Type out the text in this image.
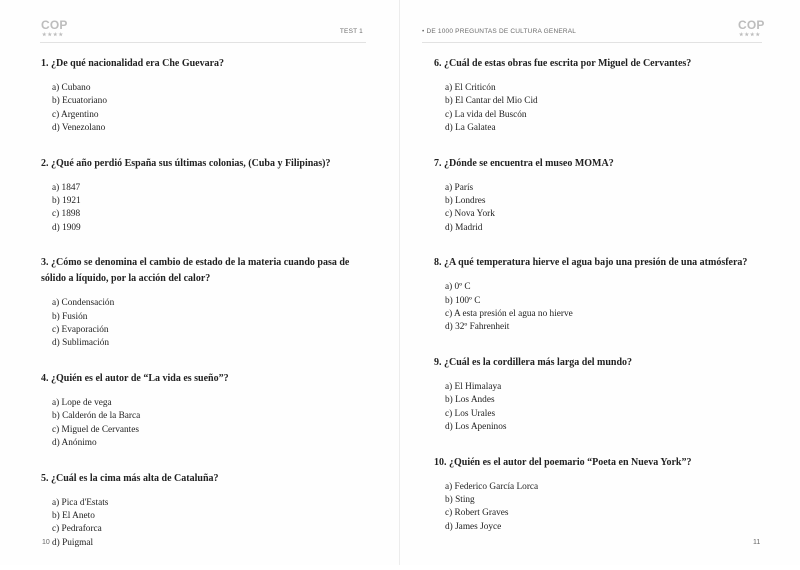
COP
★★★★	TEST 1
1. ¿De qué nacionalidad era Che Guevara?
a) Cubano
b) Ecuatoriano
c) Argentino
d) Venezolano
2. ¿Qué año perdió España sus últimas colonias, (Cuba y Filipinas)?
a) 1847
b) 1921
c) 1898
d) 1909
3. ¿Cómo se denomina el cambio de estado de la materia cuando pasa de sólido a líquido, por la acción del calor?
a) Condensación
b) Fusión
c) Evaporación
d) Sublimación
4. ¿Quién es el autor de “La vida es sueño”?
a) Lope de vega
b) Calderón de la Barca
c) Miguel de Cervantes
d) Anónimo
5. ¿Cuál es la cima más alta de Cataluña?
a) Pica d'Estats
b) El Aneto
c) Pedraforca
d) Puigmal
10
• DE 1000 PREGUNTAS DE CULTURA GENERAL	COP
★★★★
6. ¿Cuál de estas obras fue escrita por Miguel de Cervantes?
a) El Criticón
b) El Cantar del Mio Cid
c) La vida del Buscón
d) La Galatea
7. ¿Dónde se encuentra el museo MOMA?
a) París
b) Londres
c) Nova York
d) Madrid
8. ¿A qué temperatura hierve el agua bajo una presión de una atmósfera?
a) 0º C
b) 100º C
c) A esta presión el agua no hierve
d) 32º Fahrenheit
9. ¿Cuál es la cordillera más larga del mundo?
a) El Himalaya
b) Los Andes
c) Los Urales
d) Los Apeninos
10. ¿Quién es el autor del poemario “Poeta en Nueva York”?
a) Federico García Lorca
b) Sting
c) Robert Graves
d) James Joyce
11
